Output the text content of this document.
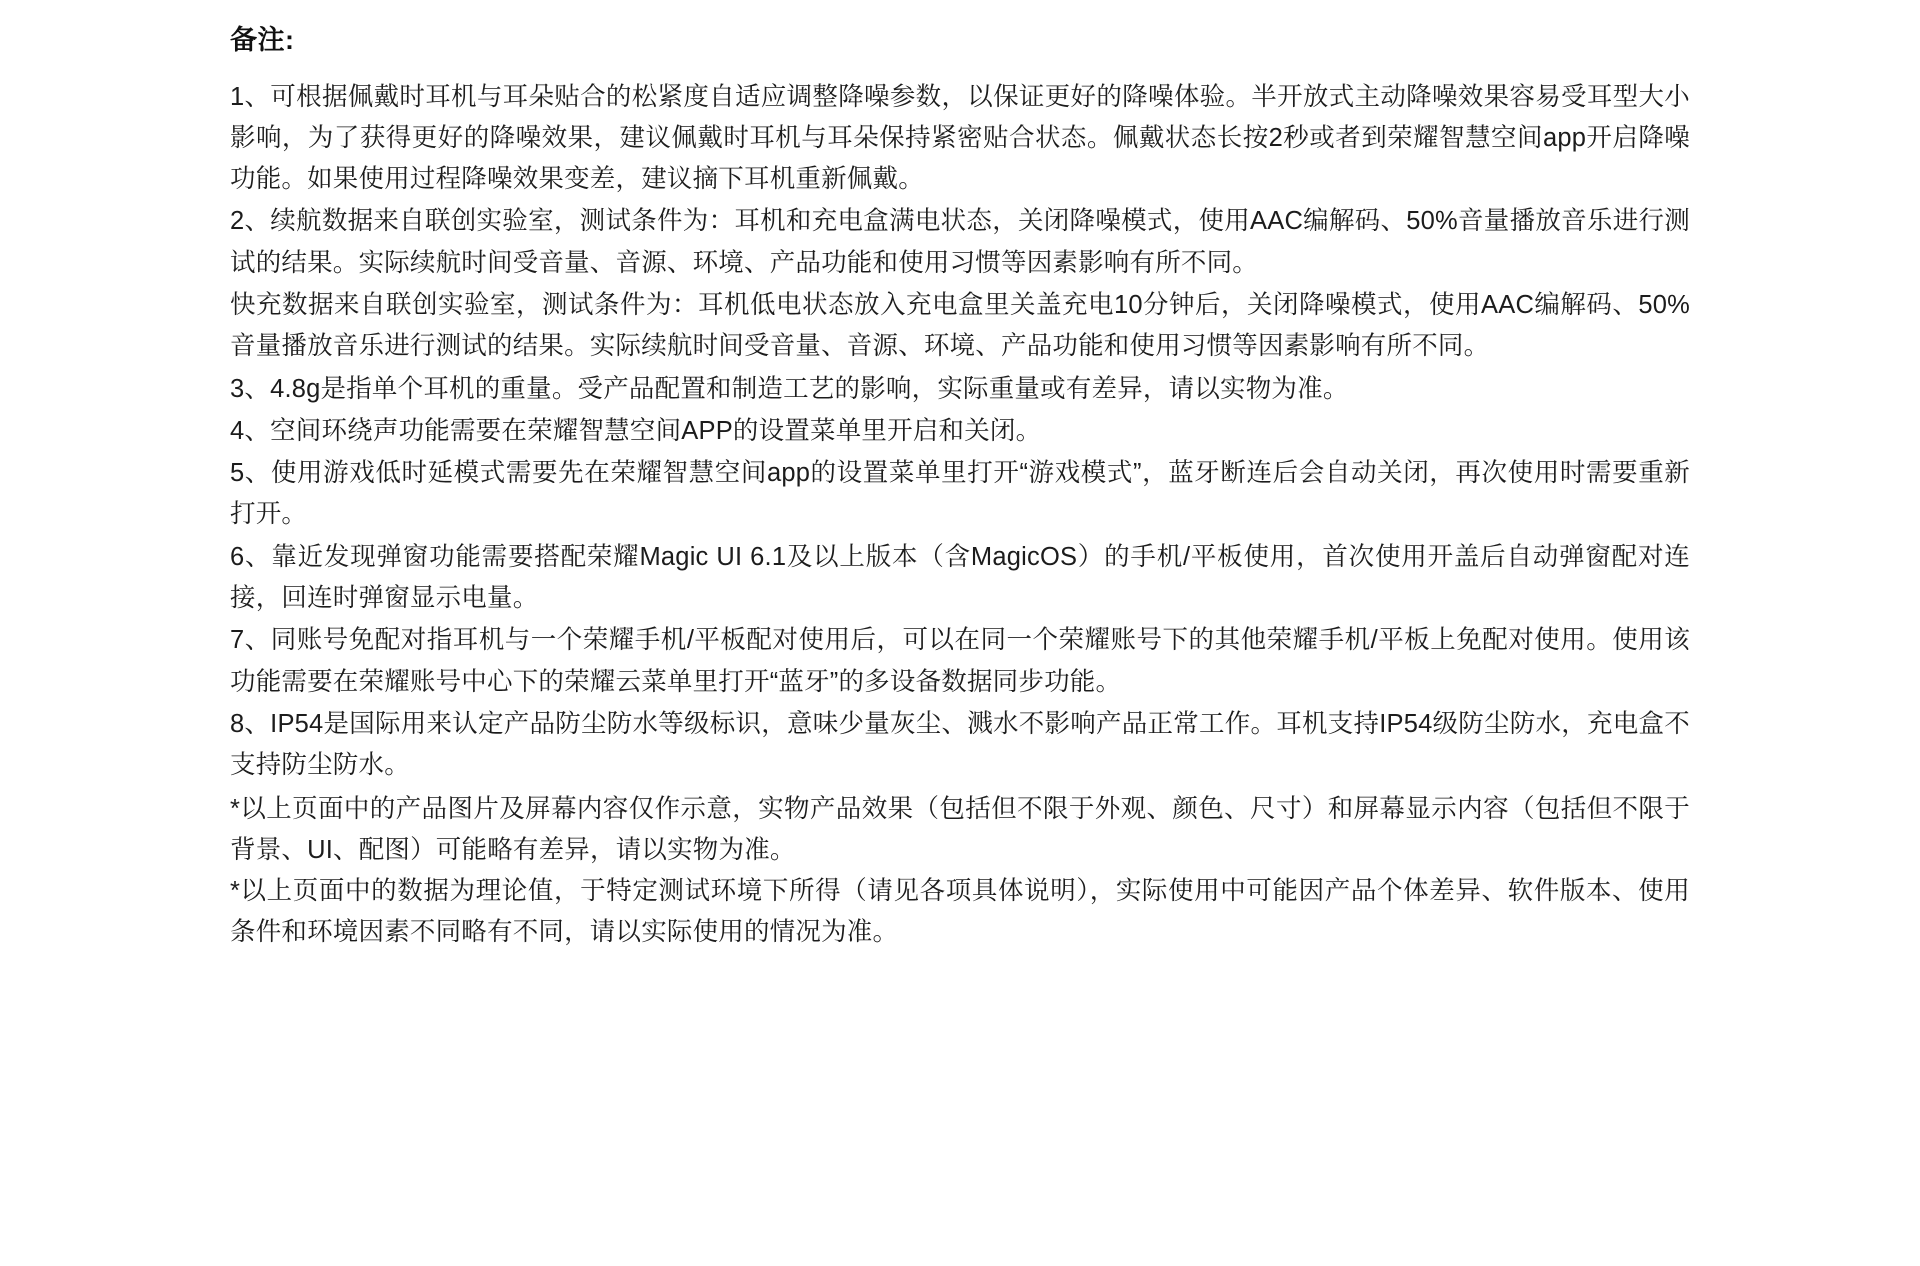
备注:

1、可根据佩戴时耳机与耳朵贴合的松紧度自适应调整降噪参数，以保证更好的降噪体验。半开放式主动降噪效果容易受耳型大小影响，为了获得更好的降噪效果，建议佩戴时耳机与耳朵保持紧密贴合状态。佩戴状态长按2秒或者到荣耀智慧空间app开启降噪功能。如果使用过程降噪效果变差，建议摘下耳机重新佩戴。

2、续航数据来自联创实验室，测试条件为：耳机和充电盒满电状态，关闭降噪模式，使用AAC编解码、50%音量播放音乐进行测试的结果。实际续航时间受音量、音源、环境、产品功能和使用习惯等因素影响有所不同。

快充数据来自联创实验室，测试条件为：耳机低电状态放入充电盒里关盖充电10分钟后，关闭降噪模式，使用AAC编解码、50%音量播放音乐进行测试的结果。实际续航时间受音量、音源、环境、产品功能和使用习惯等因素影响有所不同。

3、4.8g是指单个耳机的重量。受产品配置和制造工艺的影响，实际重量或有差异，请以实物为准。

4、空间环绕声功能需要在荣耀智慧空间APP的设置菜单里开启和关闭。

5、使用游戏低时延模式需要先在荣耀智慧空间app的设置菜单里打开“游戏模式”，蓝牙断连后会自动关闭，再次使用时需要重新打开。

6、靠近发现弹窗功能需要搭配荣耀Magic UI 6.1及以上版本（含MagicOS）的手机/平板使用，首次使用开盖后自动弹窗配对连接，回连时弹窗显示电量。

7、同账号免配对指耳机与一个荣耀手机/平板配对使用后，可以在同一个荣耀账号下的其他荣耀手机/平板上免配对使用。使用该功能需要在荣耀账号中心下的荣耀云菜单里打开“蓝牙”的多设备数据同步功能。

8、IP54是国际用来认定产品防尘防水等级标识，意味少量灰尘、溅水不影响产品正常工作。耳机支持IP54级防尘防水，充电盒不支持防尘防水。

*以上页面中的产品图片及屏幕内容仅作示意，实物产品效果（包括但不限于外观、颜色、尺寸）和屏幕显示内容（包括但不限于背景、UI、配图）可能略有差异，请以实物为准。

*以上页面中的数据为理论值，于特定测试环境下所得（请见各项具体说明），实际使用中可能因产品个体差异、软件版本、使用条件和环境因素不同略有不同，请以实际使用的情况为准。
